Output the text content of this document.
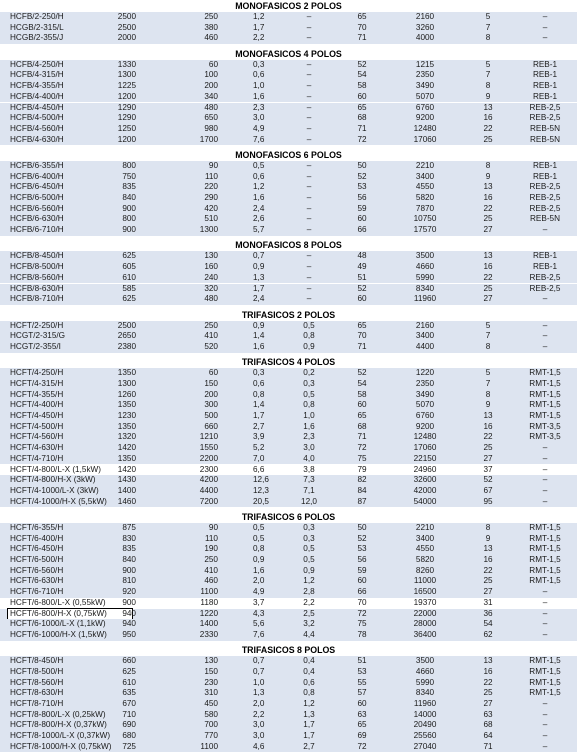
MONOFASICOS 2 POLOS
HCFB/2-250/H	2500	250	1,2	–	65	2160	5	–
HCGB/2-315/L	2500	380	1,7	–	70	3260	7	–
HCGB/2-355/J	2000	460	2,2	–	71	4000	8	–
MONOFASICOS 4 POLOS
HCFB/4-250/H	1330	60	0,3	–	52	1215	5	REB-1
HCFB/4-315/H	1300	100	0,6	–	54	2350	7	REB-1
HCFB/4-355/H	1225	200	1,0	–	58	3490	8	REB-1
HCFB/4-400/H	1200	340	1,6	–	60	5070	9	REB-1
HCFB/4-450/H	1290	480	2,3	–	65	6760	13	REB-2,5
HCFB/4-500/H	1290	650	3,0	–	68	9200	16	REB-2,5
HCFB/4-560/H	1250	980	4,9	–	71	12480	22	REB-5N
HCFB/4-630/H	1200	1700	7,6	–	72	17060	25	REB-5N
MONOFASICOS 6 POLOS
HCFB/6-355/H	800	90	0,5	–	50	2210	8	REB-1
HCFB/6-400/H	750	110	0,6	–	52	3400	9	REB-1
HCFB/6-450/H	835	220	1,2	–	53	4550	13	REB-2,5
HCFB/6-500/H	840	290	1,6	–	56	5820	16	REB-2,5
HCFB/6-560/H	900	420	2,4	–	59	7870	22	REB-2,5
HCFB/6-630/H	800	510	2,6	–	60	10750	25	REB-5N
HCFB/6-710/H	900	1300	5,7	–	66	17570	27	–
MONOFASICOS 8 POLOS
HCFB/8-450/H	625	130	0,7	–	48	3500	13	REB-1
HCFB/8-500/H	605	160	0,9	–	49	4660	16	REB-1
HCFB/8-560/H	610	240	1,3	–	51	5990	22	REB-2,5
HCFB/8-630/H	585	320	1,7	–	52	8340	25	REB-2,5
HCFB/8-710/H	625	480	2,4	–	60	11960	27	–
TRIFASICOS 2 POLOS
HCFT/2-250/H	2500	250	0,9	0,5	65	2160	5	–
HCGT/2-315/G	2650	410	1,4	0,8	70	3400	7	–
HCGT/2-355/I	2380	520	1,6	0,9	71	4400	8	–
TRIFASICOS 4 POLOS
HCFT/4-250/H	1350	60	0,3	0,2	52	1220	5	RMT-1,5
HCFT/4-315/H	1300	150	0,6	0,3	54	2350	7	RMT-1,5
HCFT/4-355/H	1260	200	0,8	0,5	58	3490	8	RMT-1,5
HCFT/4-400/H	1350	300	1,4	0,8	60	5070	9	RMT-1,5
HCFT/4-450/H	1230	500	1,7	1,0	65	6760	13	RMT-1,5
HCFT/4-500/H	1350	660	2,7	1,6	68	9200	16	RMT-3,5
HCFT/4-560/H	1320	1210	3,9	2,3	71	12480	22	RMT-3,5
HCFT/4-630/H	1420	1550	5,2	3,0	72	17060	25	–
HCFT/4-710/H	1350	2200	7,0	4,0	75	22150	27	–
HCFT/4-800/L-X (1,5kW)	1420	2300	6,6	3,8	79	24960	37	–
HCFT/4-800/H-X (3kW)	1430	4200	12,6	7,3	82	32600	52	–
HCFT/4-1000/L-X (3kW)	1400	4400	12,3	7,1	84	42000	67	–
HCFT/4-1000/H-X (5,5kW)	1460	7200	20,5	12,0	87	54000	95	–
TRIFASICOS 6 POLOS
HCFT/6-355/H	875	90	0,5	0,3	50	2210	8	RMT-1,5
HCFT/6-400/H	830	110	0,5	0,3	52	3400	9	RMT-1,5
HCFT/6-450/H	835	190	0,8	0,5	53	4550	13	RMT-1,5
HCFT/6-500/H	840	250	0,9	0,5	56	5820	16	RMT-1,5
HCFT/6-560/H	900	410	1,6	0,9	59	8260	22	RMT-1,5
HCFT/6-630/H	810	460	2,0	1,2	60	11000	25	RMT-1,5
HCFT/6-710/H	920	1100	4,9	2,8	66	16500	27	–
HCFT/6-800/L-X (0,55kW)	900	1180	3,7	2,2	70	19370	31	–
HCFT/6-800/H-X (0,75kW)	940	1220	4,3	2,5	72	22000	36	–
HCFT/6-1000/L-X (1,1kW)	940	1400	5,6	3,2	75	28000	54	–
HCFT/6-1000/H-X (1,5kW)	950	2330	7,6	4,4	78	36400	62	–
TRIFASICOS 8 POLOS
HCFT/8-450/H	660	130	0,7	0,4	51	3500	13	RMT-1,5
HCFT/8-500/H	625	150	0,7	0,4	53	4660	16	RMT-1,5
HCFT/8-560/H	610	230	1,0	0,6	55	5990	22	RMT-1,5
HCFT/8-630/H	635	310	1,3	0,8	57	8340	25	RMT-1,5
HCFT/8-710/H	670	450	2,0	1,2	60	11960	27	–
HCFT/8-800/L-X (0,25kW)	710	580	2,2	1,3	63	14000	63	–
HCFT/8-800/H-X (0,37kW)	690	700	3,0	1,7	65	20490	68	–
HCFT/8-1000/L-X (0,37kW)	680	770	3,0	1,7	69	25560	64	–
HCFT/8-1000/H-X (0,75kW)	725	1100	4,6	2,7	72	27040	71	–
